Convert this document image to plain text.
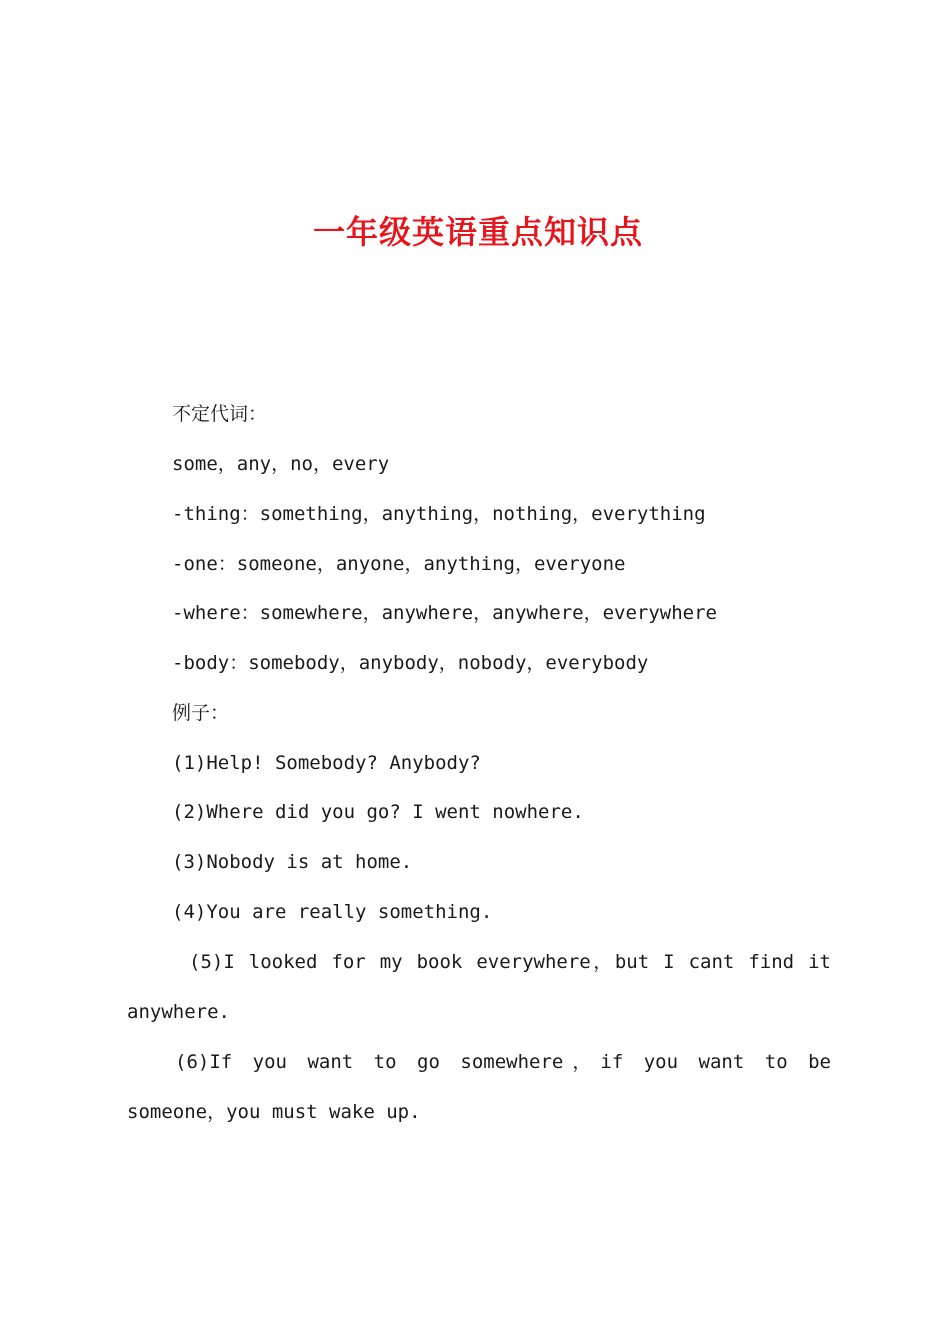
一年级英语重点知识点
不定代词：
some，any，no，every
-thing：something，anything，nothing，everything
-one：someone，anyone，anything，everyone
-where：somewhere，anywhere，anywhere，everywhere
-body：somebody，anybody，nobody，everybody
例子：
(1)Help! Somebody? Anybody?
(2)Where did you go? I went nowhere.
(3)Nobody is at home.
(4)You are really something.
(5)I looked for my book everywhere，but I cant find it anywhere.
(6)If you want to go somewhere，if you want to be someone，you must wake up.
